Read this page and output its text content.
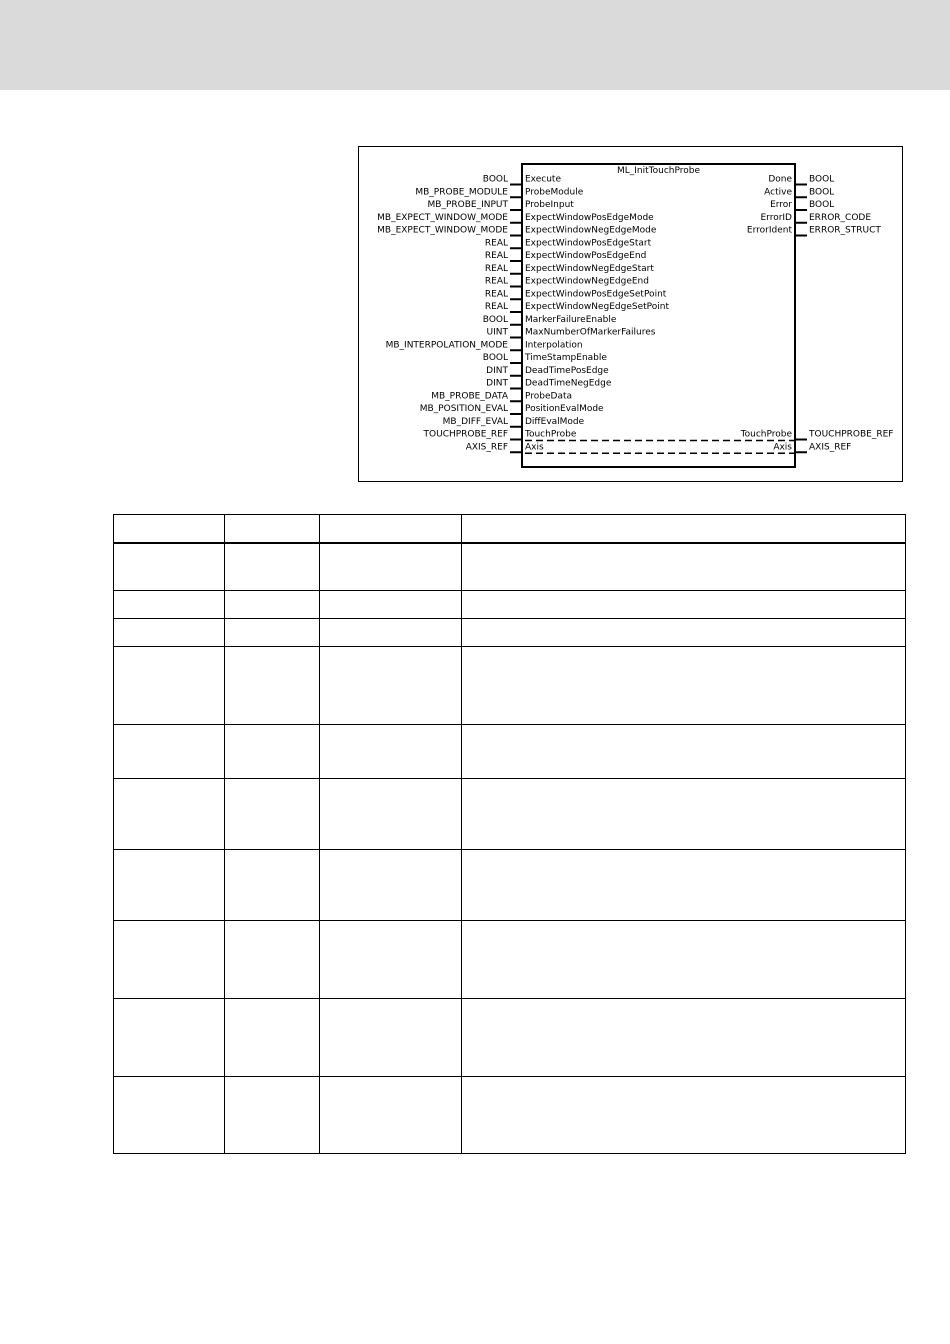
ML_InitTouchProbe
BOOL Execute
MB_PROBE_MODULE ProbeModule
MB_PROBE_INPUT ProbeInput
MB_EXPECT_WINDOW_MODE ExpectWindowPosEdgeMode
MB_EXPECT_WINDOW_MODE ExpectWindowNegEdgeMode
REAL ExpectWindowPosEdgeStart
REAL ExpectWindowPosEdgeEnd
REAL ExpectWindowNegEdgeStart
REAL ExpectWindowNegEdgeEnd
REAL ExpectWindowPosEdgeSetPoint
REAL ExpectWindowNegEdgeSetPoint
BOOL MarkerFailureEnable
UINT MaxNumberOfMarkerFailures
MB_INTERPOLATION_MODE Interpolation
BOOL TimeStampEnable
DINT DeadTimePosEdge
DINT DeadTimeNegEdge
MB_PROBE_DATA ProbeData
MB_POSITION_EVAL PositionEvalMode
MB_DIFF_EVAL DiffEvalMode
TOUCHPROBE_REF TouchProbe
AXIS_REF Axis
Done BOOL
Active BOOL
Error BOOL
ErrorID ERROR_CODE
ErrorIdent ERROR_STRUCT
TouchProbe TOUCHPROBE_REF
Axis AXIS_REF
